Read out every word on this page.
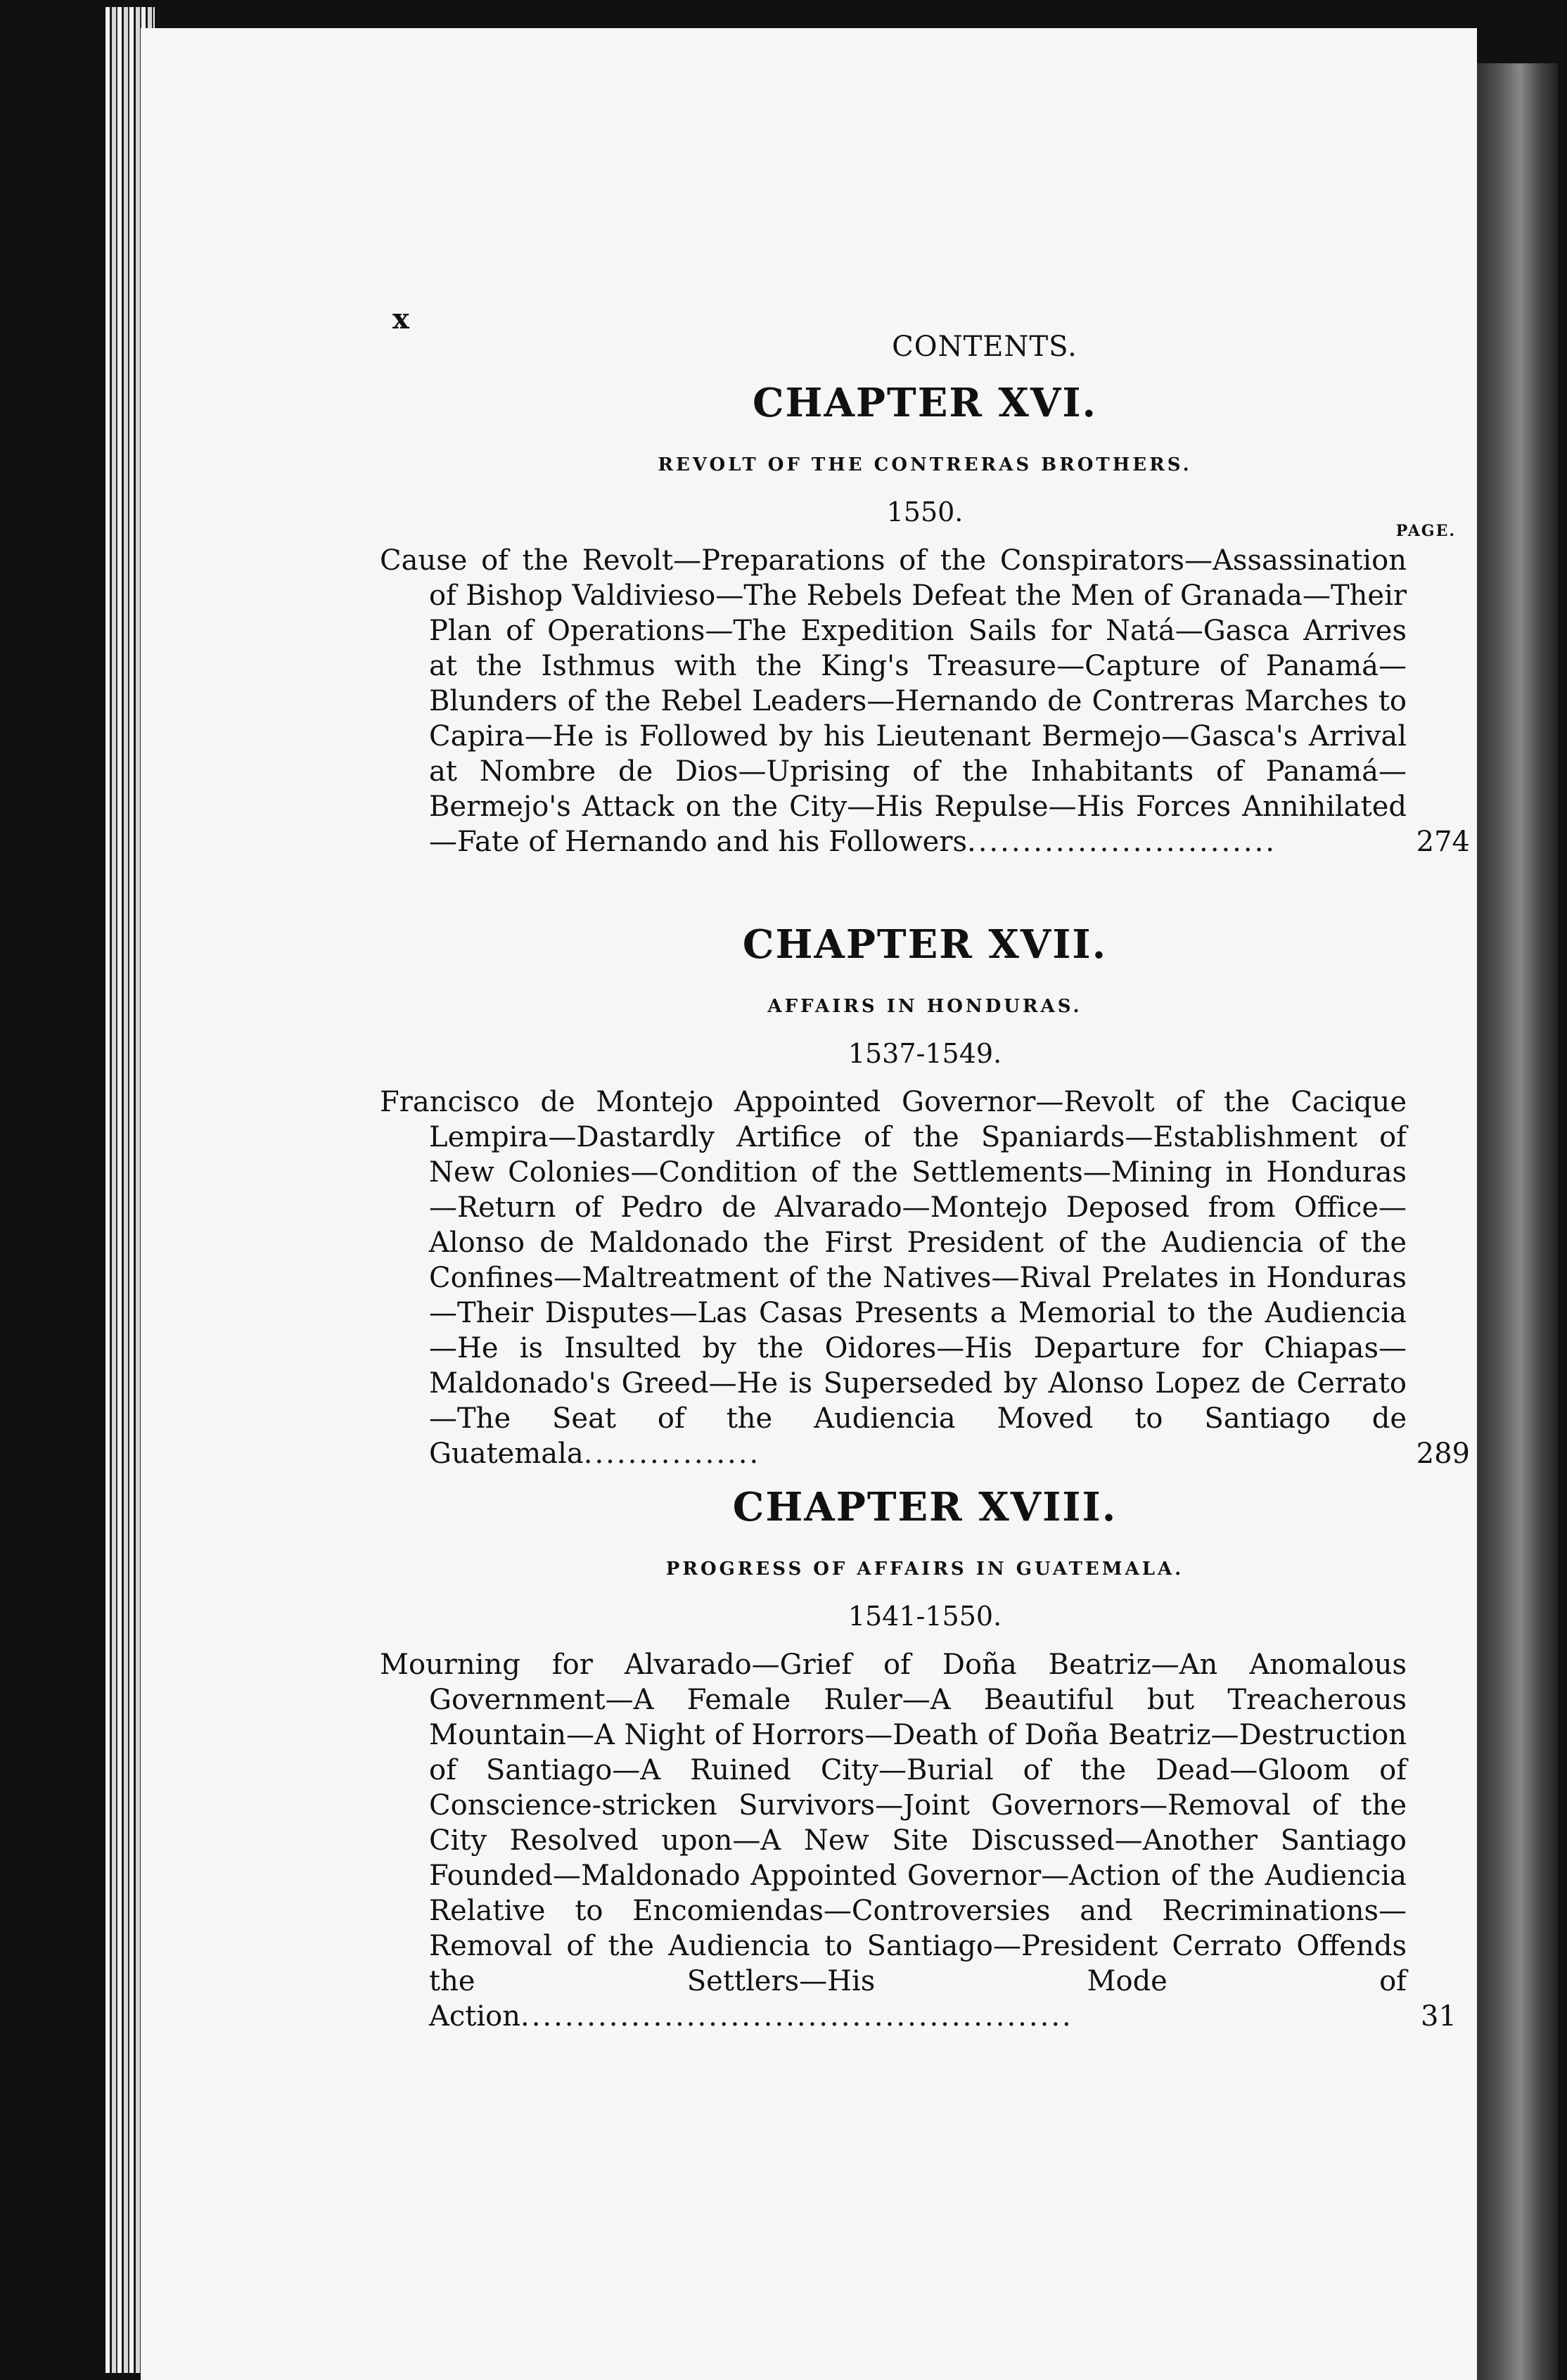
x
CONTENTS.
CHAPTER XVI.
REVOLT OF THE CONTRERAS BROTHERS.
1550.
PAGE.
Cause of the Revolt—Preparations of the Conspirators—Assassination of Bishop Valdivieso—The Rebels Defeat the Men of Granada—Their Plan of Operations—The Expedition Sails for Natá—Gasca Arrives at the Isthmus with the King's Treasure—Capture of Panamá—Blunders of the Rebel Leaders—Hernando de Contreras Marches to Capira—He is Followed by his Lieutenant Bermejo—Gasca's Arrival at Nombre de Dios—Uprising of the Inhabitants of Panamá—Bermejo's Attack on the City—His Repulse—His Forces Annihilated—Fate of Hernando and his Followers............................	274
CHAPTER XVII.
AFFAIRS IN HONDURAS.
1537-1549.
Francisco de Montejo Appointed Governor—Revolt of the Cacique Lempira—Dastardly Artifice of the Spaniards—Establishment of New Colonies—Condition of the Settlements—Mining in Honduras—Return of Pedro de Alvarado—Montejo Deposed from Office—Alonso de Maldonado the First President of the Audiencia of the Confines—Maltreatment of the Natives—Rival Prelates in Honduras—Their Disputes—Las Casas Presents a Memorial to the Audiencia—He is Insulted by the Oidores—His Departure for Chiapas—Maldonado's Greed—He is Superseded by Alonso Lopez de Cerrato—The Seat of the Audiencia Moved to Santiago de Guatemala................	289
CHAPTER XVIII.
PROGRESS OF AFFAIRS IN GUATEMALA.
1541-1550.
Mourning for Alvarado—Grief of Doña Beatriz—An Anomalous Government—A Female Ruler—A Beautiful but Treacherous Mountain—A Night of Horrors—Death of Doña Beatriz—Destruction of Santiago—A Ruined City—Burial of the Dead—Gloom of Conscience-stricken Survivors—Joint Governors—Removal of the City Resolved upon—A New Site Discussed—Another Santiago Founded—Maldonado Appointed Governor—Action of the Audiencia Relative to Encomiendas—Controversies and Recriminations—Removal of the Audiencia to Santiago—President Cerrato Offends the Settlers—His Mode of Action..................................................	31
